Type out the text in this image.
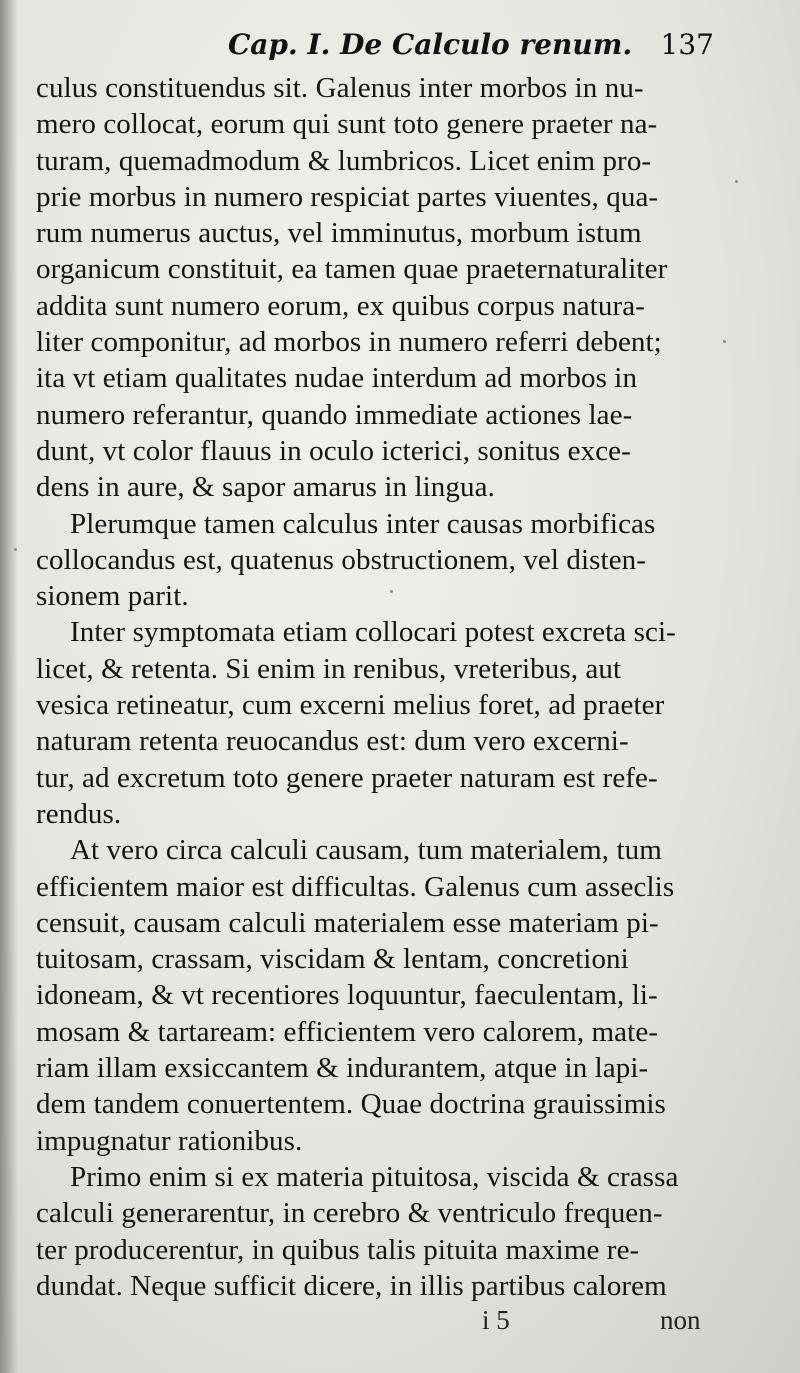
Cap. I. De Calculo renum. 137
culus constituendus sit. Galenus inter morbos in nu-
mero collocat, eorum qui sunt toto genere praeter na-
turam, quemadmodum & lumbricos. Licet enim pro-
prie morbus in numero respiciat partes viuentes, qua-
rum numerus auctus, vel imminutus, morbum istum
organicum constituit, ea tamen quae praeternaturaliter
addita sunt numero eorum, ex quibus corpus natura-
liter componitur, ad morbos in numero referri debent;
ita vt etiam qualitates nudae interdum ad morbos in
numero referantur, quando immediate actiones lae-
dunt, vt color flauus in oculo icterici, sonitus exce-
dens in aure, & sapor amarus in lingua.
Plerumque tamen calculus inter causas morbificas
collocandus est, quatenus obstructionem, vel disten-
sionem parit.
Inter symptomata etiam collocari potest excreta sci-
licet, & retenta. Si enim in renibus, vreteribus, aut
vesica retineatur, cum excerni melius foret, ad praeter
naturam retenta reuocandus est: dum vero excerni-
tur, ad excretum toto genere praeter naturam est refe-
rendus.
At vero circa calculi causam, tum materialem, tum
efficientem maior est difficultas. Galenus cum asseclis
censuit, causam calculi materialem esse materiam pi-
tuitosam, crassam, viscidam & lentam, concretioni
idoneam, & vt recentiores loquuntur, faeculentam, li-
mosam & tartaream: efficientem vero calorem, mate-
riam illam exsiccantem & indurantem, atque in lapi-
dem tandem conuertentem. Quae doctrina grauissimis
impugnatur rationibus.
Primo enim si ex materia pituitosa, viscida & crassa
calculi generarentur, in cerebro & ventriculo frequen-
ter producerentur, in quibus talis pituita maxime re-
dundat. Neque sufficit dicere, in illis partibus calorem
i 5	non
